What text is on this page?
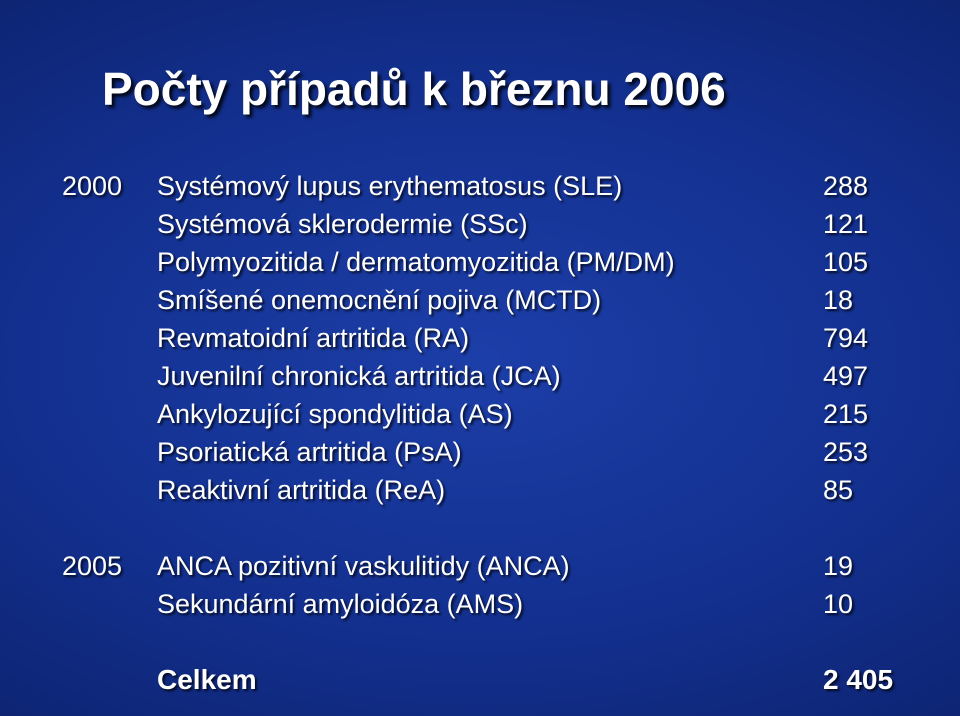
Počty případů k březnu 2006
2000 Systémový lupus erythematosus (SLE)	288
Systémová sklerodermie (SSc)	121
Polymyozitida / dermatomyozitida (PM/DM)	105
Smíšené onemocnění pojiva (MCTD)	18
Revmatoidní artritida (RA)	794
Juvenilní chronická artritida (JCA)	497
Ankylozující spondylitida (AS)	215
Psoriatická artritida (PsA)	253
Reaktivní artritida (ReA)	85
2005 ANCA pozitivní vaskulitidy (ANCA)	19
Sekundární amyloidóza (AMS)	10
Celkem	2 405
